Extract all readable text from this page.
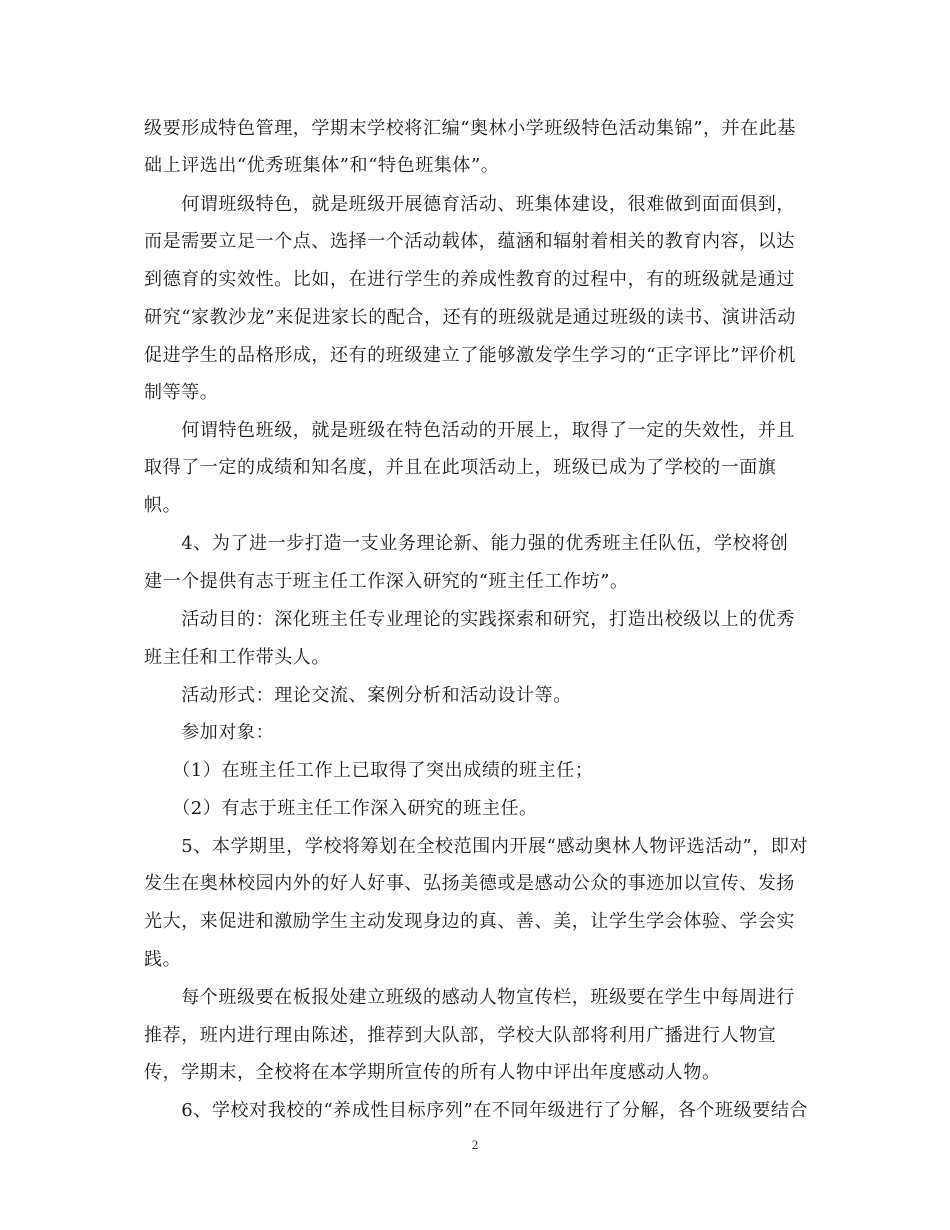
级要形成特色管理，学期末学校将汇编“奥林小学班级特色活动集锦”，并在此基
础上评选出“优秀班集体”和“特色班集体”。
　　何谓班级特色，就是班级开展德育活动、班集体建设，很难做到面面俱到，
而是需要立足一个点、选择一个活动载体，蕴涵和辐射着相关的教育内容，以达
到德育的实效性。比如，在进行学生的养成性教育的过程中，有的班级就是通过
研究“家教沙龙”来促进家长的配合，还有的班级就是通过班级的读书、演讲活动
促进学生的品格形成，还有的班级建立了能够激发学生学习的“正字评比”评价机
制等等。
　　何谓特色班级，就是班级在特色活动的开展上，取得了一定的失效性，并且
取得了一定的成绩和知名度，并且在此项活动上，班级已成为了学校的一面旗
帜。
　　4、为了进一步打造一支业务理论新、能力强的优秀班主任队伍，学校将创
建一个提供有志于班主任工作深入研究的“班主任工作坊”。
　　活动目的：深化班主任专业理论的实践探索和研究，打造出校级以上的优秀
班主任和工作带头人。
　　活动形式：理论交流、案例分析和活动设计等。
　　参加对象：
　　（1）在班主任工作上已取得了突出成绩的班主任；
　　（2）有志于班主任工作深入研究的班主任。
　　5、本学期里，学校将筹划在全校范围内开展“感动奥林人物评选活动”，即对
发生在奥林校园内外的好人好事、弘扬美德或是感动公众的事迹加以宣传、发扬
光大，来促进和激励学生主动发现身边的真、善、美，让学生学会体验、学会实
践。
　　每个班级要在板报处建立班级的感动人物宣传栏，班级要在学生中每周进行
推荐，班内进行理由陈述，推荐到大队部，学校大队部将利用广播进行人物宣
传，学期末，全校将在本学期所宣传的所有人物中评出年度感动人物。
　　6、学校对我校的“养成性目标序列”在不同年级进行了分解，各个班级要结合
2
